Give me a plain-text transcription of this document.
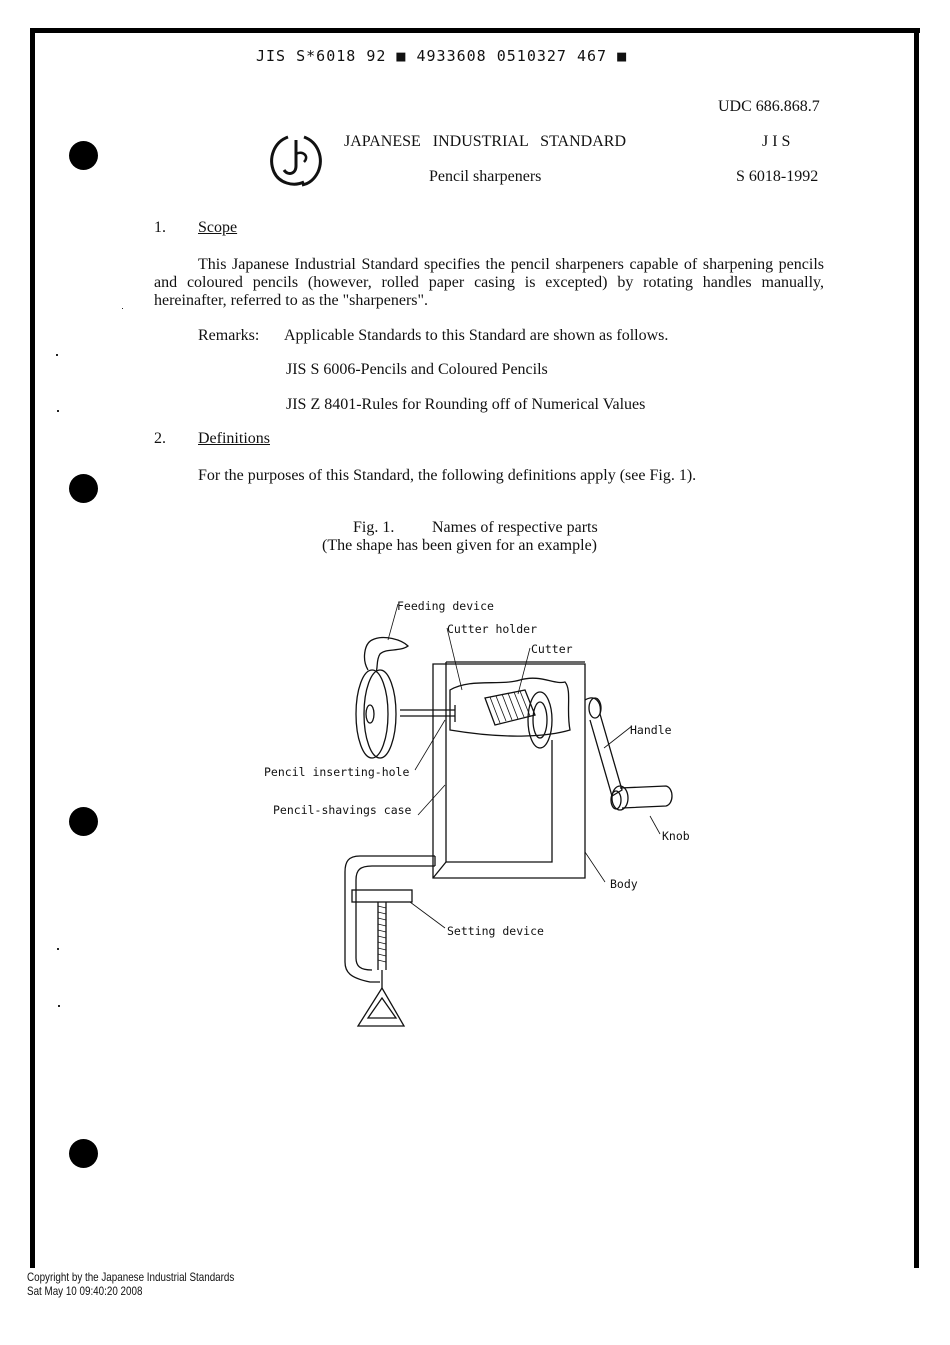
JIS S*6018 92 ■ 4933608 0510327 467 ■
UDC 686.868.7
JAPANESE INDUSTRIAL STANDARD	J I S
Pencil sharpeners	S 6018-1992
1. Scope
This Japanese Industrial Standard specifies the pencil sharpeners capable of sharpening pencils and coloured pencils (however, rolled paper casing is excepted) by rotating handles manually, hereinafter, referred to as the "sharpeners".
Remarks: Applicable Standards to this Standard are shown as follows.
JIS S 6006-Pencils and Coloured Pencils
JIS Z 8401-Rules for Rounding off of Numerical Values
2. Definitions
For the purposes of this Standard, the following definitions apply (see Fig. 1).
Fig. 1. Names of respective parts
(The shape has been given for an example)
Feeding device
Cutter holder
Cutter
Handle
Pencil inserting-hole
Pencil-shavings case
Knob
Body
Setting device
Copyright by the Japanese Industrial Standards
Sat May 10 09:40:20 2008
